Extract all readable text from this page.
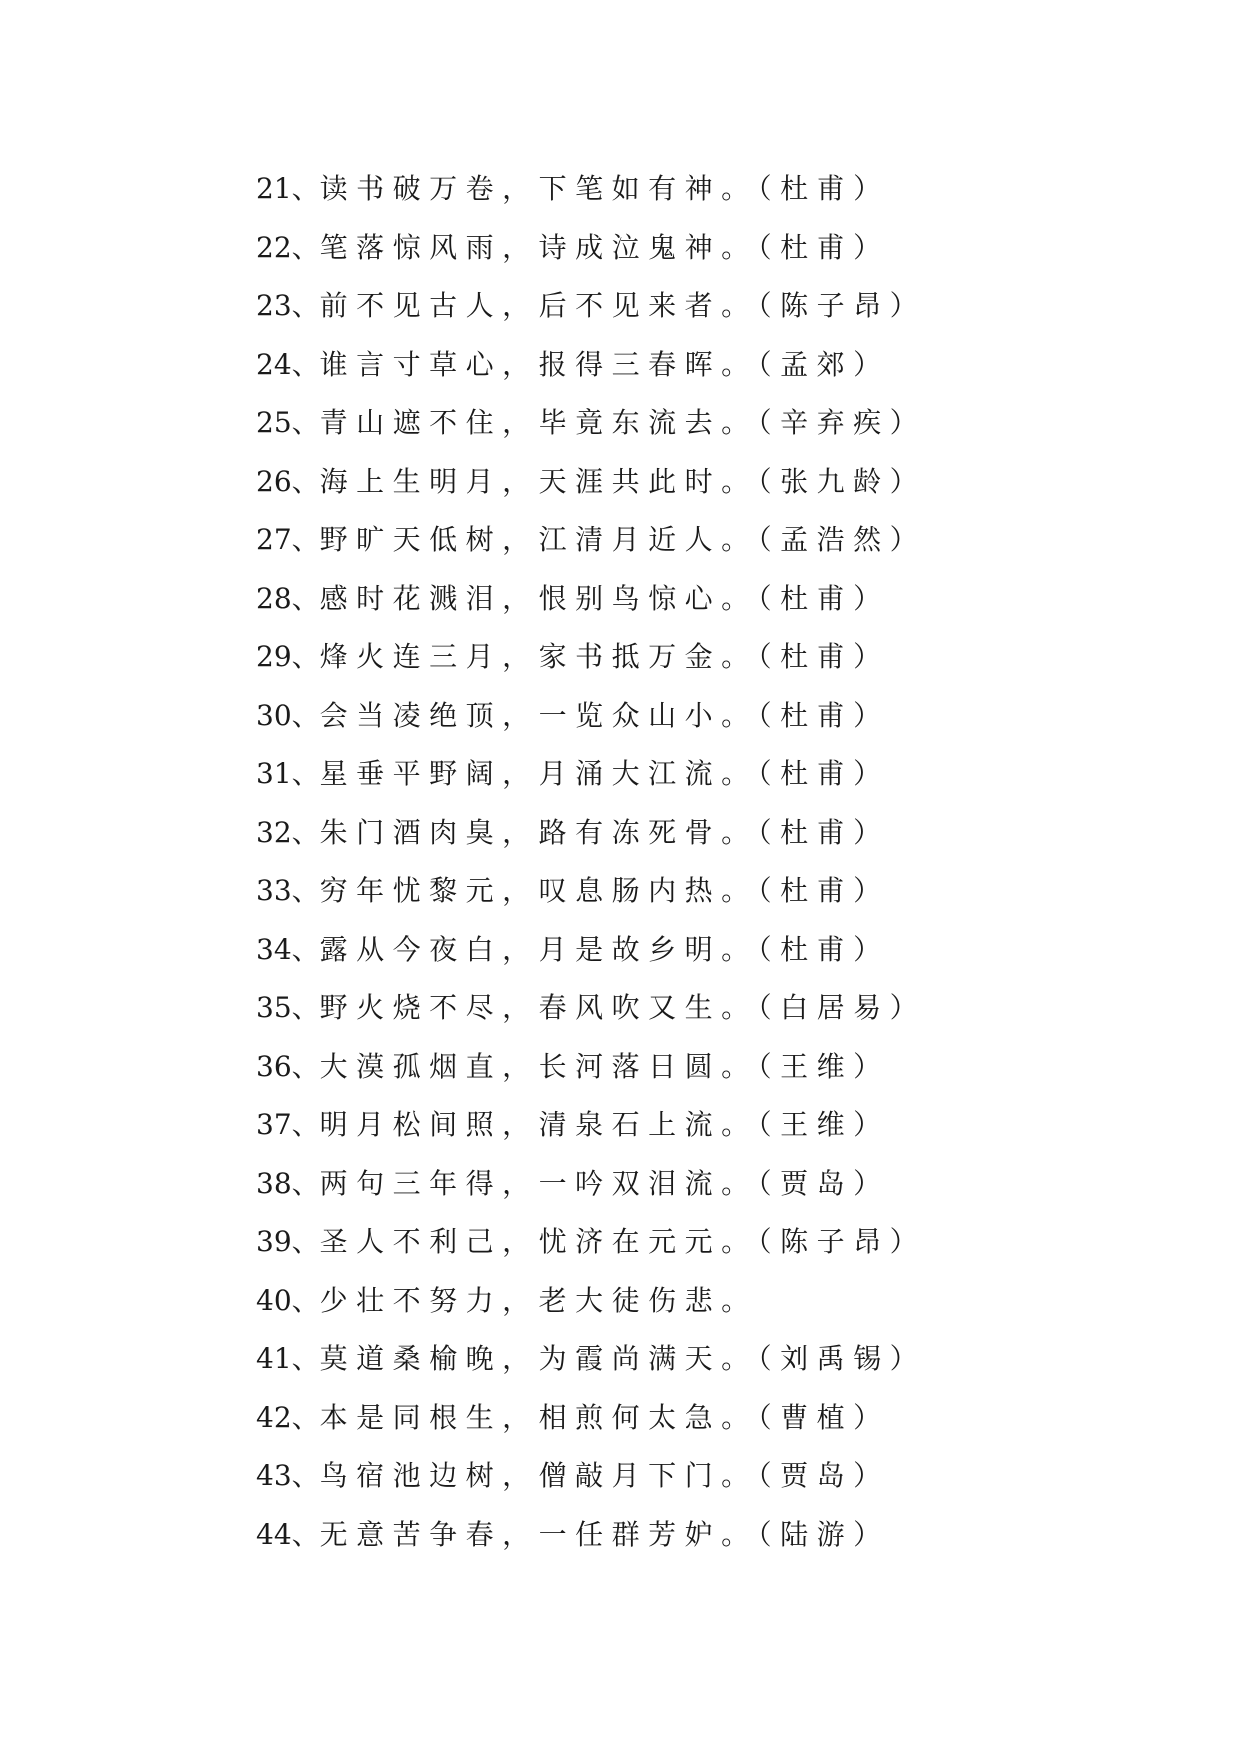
21、读书破万卷，下笔如有神。（杜甫）
22、笔落惊风雨，诗成泣鬼神。（杜甫）
23、前不见古人，后不见来者。（陈子昂）
24、谁言寸草心，报得三春晖。（孟郊）
25、青山遮不住，毕竟东流去。（辛弃疾）
26、海上生明月，天涯共此时。（张九龄）
27、野旷天低树，江清月近人。（孟浩然）
28、感时花溅泪，恨别鸟惊心。（杜甫）
29、烽火连三月，家书抵万金。（杜甫）
30、会当凌绝顶，一览众山小。（杜甫）
31、星垂平野阔，月涌大江流。（杜甫）
32、朱门酒肉臭，路有冻死骨。（杜甫）
33、穷年忧黎元，叹息肠内热。（杜甫）
34、露从今夜白，月是故乡明。（杜甫）
35、野火烧不尽，春风吹又生。（白居易）
36、大漠孤烟直，长河落日圆。（王维）
37、明月松间照，清泉石上流。（王维）
38、两句三年得，一吟双泪流。（贾岛）
39、圣人不利己，忧济在元元。（陈子昂）
40、少壮不努力，老大徒伤悲。
41、莫道桑榆晚，为霞尚满天。（刘禹锡）
42、本是同根生，相煎何太急。（曹植）
43、鸟宿池边树，僧敲月下门。（贾岛）
44、无意苦争春，一任群芳妒。（陆游）
